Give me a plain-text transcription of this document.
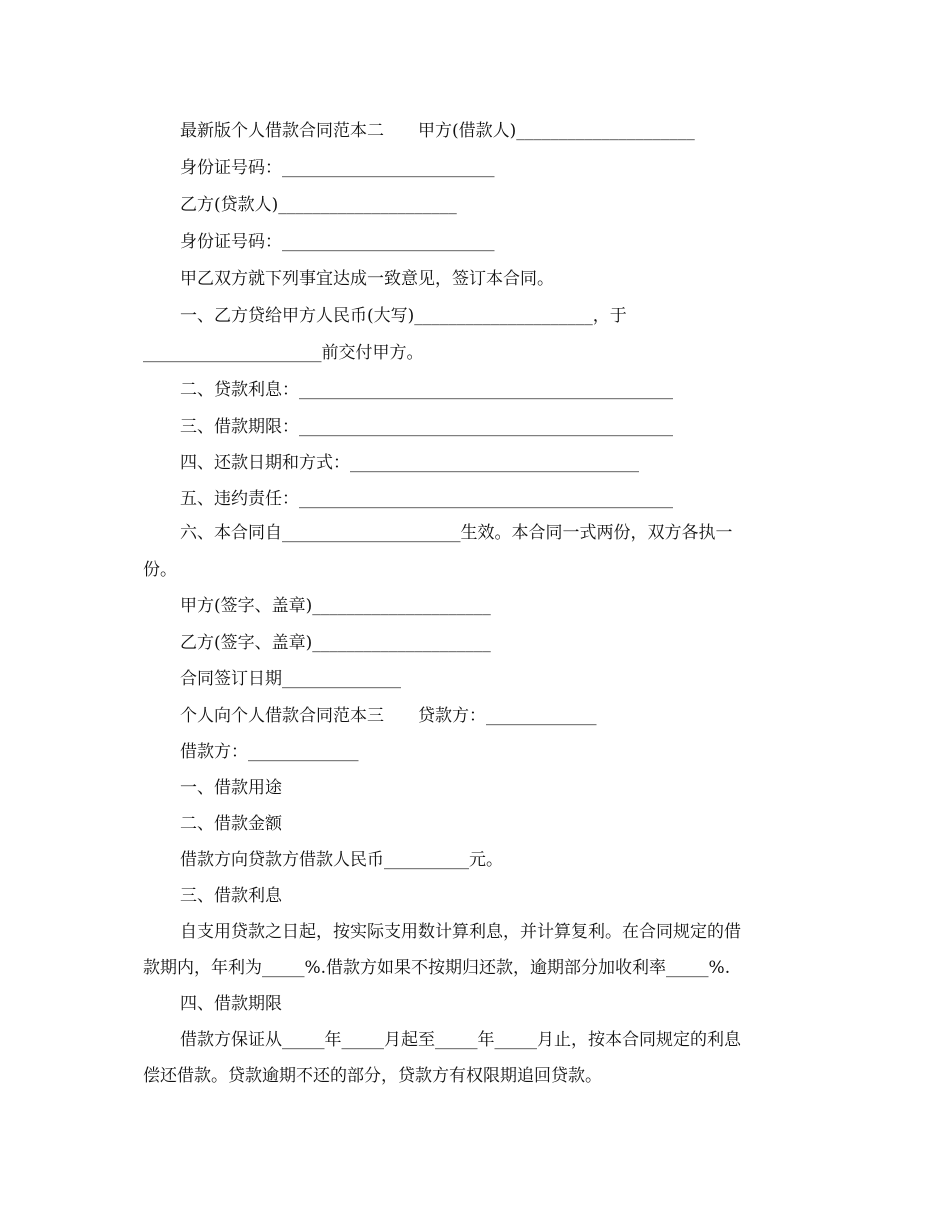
最新版个人借款合同范本二　　甲方(借款人)_____________________
身份证号码：_________________________
乙方(贷款人)_____________________
身份证号码：_________________________
甲乙双方就下列事宜达成一致意见，签订本合同。
一、乙方贷给甲方人民币(大写)_____________________，于
_____________________前交付甲方。
二、贷款利息：____________________________________________
三、借款期限：____________________________________________
四、还款日期和方式：__________________________________
五、违约责任：____________________________________________
六、本合同自_____________________生效。本合同一式两份，双方各执一
份。
甲方(签字、盖章)_____________________
乙方(签字、盖章)_____________________
合同签订日期______________
个人向个人借款合同范本三　　贷款方：_____________
借款方：_____________
一、借款用途
二、借款金额
借款方向贷款方借款人民币__________元。
三、借款利息
自支用贷款之日起，按实际支用数计算利息，并计算复利。在合同规定的借
款期内，年利为_____%.借款方如果不按期归还款，逾期部分加收利率_____%.
四、借款期限
借款方保证从_____年_____月起至_____年_____月止，按本合同规定的利息
偿还借款。贷款逾期不还的部分，贷款方有权限期追回贷款。
